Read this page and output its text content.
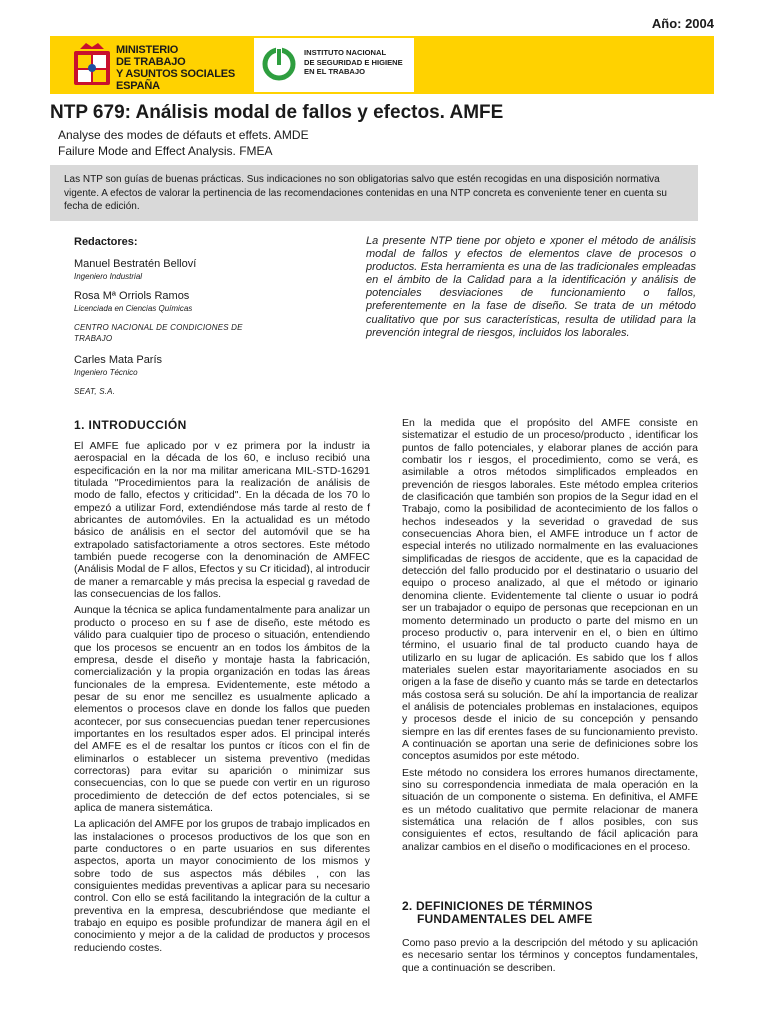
Año: 2004
MINISTERIO
DE TRABAJO
Y ASUNTOS SOCIALES
ESPAÑA
INSTITUTO NACIONAL
DE SEGURIDAD E HIGIENE
EN EL TRABAJO
NTP 679: Análisis modal de fallos y efectos. AMFE
Analyse des modes de défauts et effets. AMDE
Failure Mode and Effect Analysis. FMEA
Las NTP son guías de buenas prácticas. Sus indicaciones no son obligatorias salvo que estén recogidas en una disposición normativa vigente. A efectos de valorar la pertinencia de las recomendaciones contenidas en una NTP concreta es conveniente tener en cuenta su fecha de edición.
Redactores:
Manuel Bestratén Belloví
Ingeniero Industrial
Rosa Mª Orriols Ramos
Licenciada en Ciencias Químicas
CENTRO NACIONAL DE CONDICIONES DE TRABAJO
Carles Mata París
Ingeniero Técnico
SEAT, S.A.
La presente NTP tiene por objeto e xponer el método de análisis modal de fallos y efectos de elementos clave de procesos o productos. Esta herramienta es una de las tradicionales empleadas en el ámbito de la Calidad para a la identificación y análisis de potenciales desviaciones de funcionamiento o fallos, preferentemente en la fase de diseño. Se trata de un método cualitativo que por sus características, resulta de utilidad para la prevención integral de riesgos, incluidos los laborales.
1. INTRODUCCIÓN

El AMFE fue aplicado por v ez primera por la industr ia aerospacial en la década de los 60, e incluso recibió una especificación en la nor ma militar americana MIL-STD-16291 titulada "Procedimientos para la realización de análisis de modo de fallo, efectos y criticidad". En la década de los 70 lo empezó a utilizar Ford, extendiéndose más tarde al resto de f abricantes de automóviles. En la actualidad es un método básico de análisis en el sector del automóvil que se ha extrapolado satisfactoriamente a otros sectores. Este método también puede recogerse con la denominación de AMFEC (Análisis Modal de F allos, Efectos y su Cr iticidad), al introducir de maner a remarcable y más precisa la especial g ravedad de las consecuencias de los fallos.

Aunque la técnica se aplica fundamentalmente para analizar un producto o proceso en su f ase de diseño, este método es válido para cualquier tipo de proceso o situación, entendiendo que los procesos se encuentr an en todos los ámbitos de la empresa, desde el diseño y montaje hasta la fabricación, comercialización y la propia organización en todas las áreas funcionales de la empresa. Evidentemente, este método a pesar de su enor me sencillez es usualmente aplicado a elementos o procesos clave en donde los fallos que pueden acontecer, por sus consecuencias puedan tener repercusiones importantes en los resultados esper ados. El principal interés del AMFE es el de resaltar los puntos cr íticos con el fin de eliminarlos o establecer un sistema preventivo (medidas correctoras) para evitar su aparición o minimizar sus consecuencias, con lo que se puede con vertir en un riguroso procedimiento de detección de def ectos potenciales, si se aplica de manera sistemática.

La aplicación del AMFE por los grupos de trabajo implicados en las instalaciones o procesos productivos de los que son en parte conductores o en parte usuarios en sus diferentes aspectos, aporta un mayor conocimiento de los mismos y sobre todo de sus aspectos más débiles , con las consiguientes medidas preventivas a aplicar para su necesario control. Con ello se está facilitando la integración de la cultur a preventiva en la empresa, descubriéndose que mediante el trabajo en equipo es posible profundizar de manera ágil en el conocimiento y mejor a de la calidad de productos y procesos reduciendo costes.

En la medida que el propósito del AMFE consiste en sistematizar el estudio de un proceso/producto , identificar los puntos de fallo potenciales, y elaborar planes de acción para combatir los r iesgos, el procedimiento, como se verá, es asimilable a otros métodos simplificados empleados en prevención de riesgos laborales. Este método emplea criterios de clasificación que también son propios de la Segur idad en el Trabajo, como la posibilidad de acontecimiento de los fallos o hechos indeseados y la severidad o gravedad de sus consecuencias Ahora bien, el AMFE introduce un f actor de especial interés no utilizado normalmente en las evaluaciones simplificadas de riesgos de accidente, que es la capacidad de detección del fallo producido por el destinatario o usuario del equipo o proceso analizado, al que el método or iginario denomina cliente. Evidentemente tal cliente o usuar io podrá ser un trabajador o equipo de personas que recepcionan en un momento determinado un producto o parte del mismo en un proceso productiv o, para intervenir en el, o bien en último término, el usuario final de tal producto cuando haya de utilizarlo en su lugar de aplicación. Es sabido que los f allos materiales suelen estar mayoritariamente asociados en su origen a la fase de diseño y cuanto más se tarde en detectarlos más costosa será su solución. De ahí la importancia de realizar el análisis de potenciales problemas en instalaciones, equipos y procesos desde el inicio de su concepción y pensando siempre en las dif erentes fases de su funcionamiento previsto. A continuación se aportan una serie de definiciones sobre los conceptos asumidos por este método.

Este método no considera los errores humanos directamente, sino su correspondencia inmediata de mala operación en la situación de un componente o sistema. En definitiva, el AMFE es un método cualitativo que permite relacionar de manera sistemática una relación de f allos posibles, con sus consiguientes ef ectos, resultando de fácil aplicación para analizar cambios en el diseño o modificaciones en el proceso.

2. DEFINICIONES DE TÉRMINOS
FUNDAMENTALES DEL AMFE

Como paso previo a la descripción del método y su aplicación es necesario sentar los términos y conceptos fundamentales, que a continuación se describen.
